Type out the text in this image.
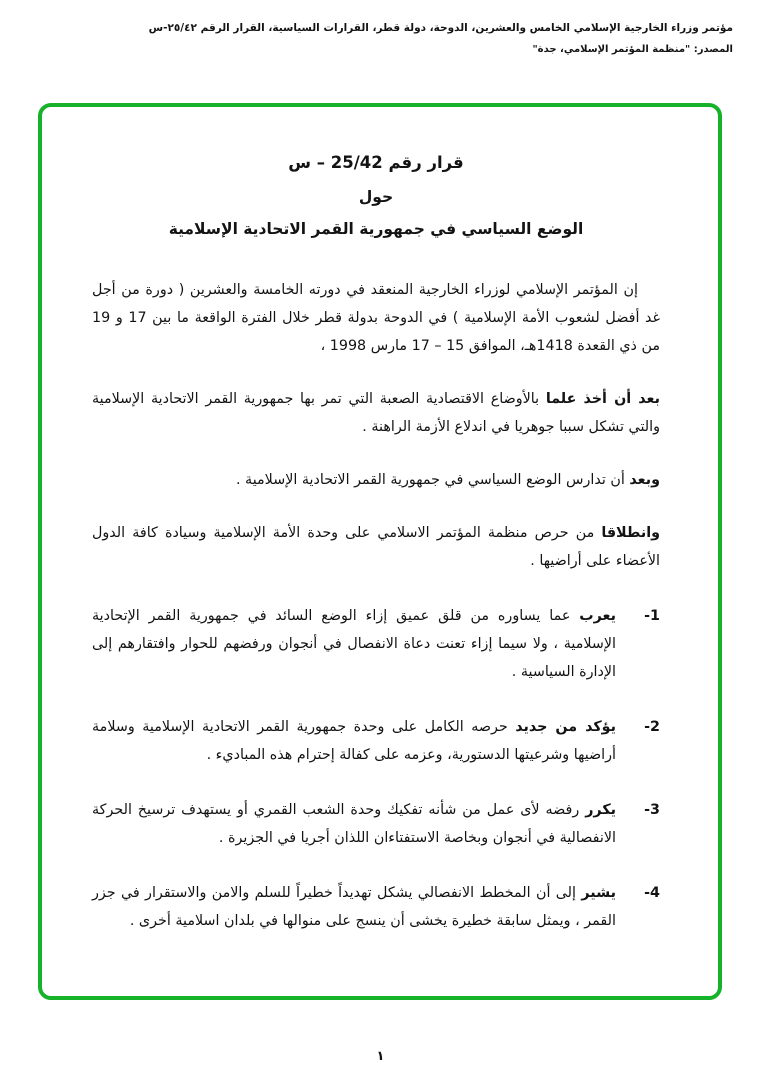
مؤتمر وزراء الخارجية الإسلامي الخامس والعشرين، الدوحة، دولة قطر، القرارات السياسية، القرار الرقم ٢٥/٤٢-س
المصدر: "منظمة المؤتمر الإسلامي، جدة"
قرار رقم 25/42 – س
حول
الوضع السياسي في جمهورية القمر الاتحادية الإسلامية

إن المؤتمر الإسلامي لوزراء الخارجية المنعقد في دورته الخامسة والعشرين ( دورة من أجل غد أفضل لشعوب الأمة الإسلامية ) في الدوحة بدولة قطر خلال الفترة الواقعة ما بين 17 و 19 من ذي القعدة 1418هـ، الموافق 15 – 17 مارس 1998 ،

بعد أن أخذ علما بالأوضاع الاقتصادية الصعبة التي تمر بها جمهورية القمر الاتحادية الإسلامية والتي تشكل سببا جوهريا في اندلاع الأزمة الراهنة .

وبعد أن تدارس الوضع السياسي في جمهورية القمر الاتحادية الإسلامية .

وانطلاقا من حرص منظمة المؤتمر الاسلامي على وحدة الأمة الإسلامية وسيادة كافة الدول الأعضاء على أراضيها .

-1
يعرب عما يساوره من قلق عميق إزاء الوضع السائد في جمهورية القمر الإتحادية الإسلامية ، ولا سيما إزاء تعنت دعاة الانفصال في أنجوان ورفضهم للحوار وافتقارهم إلى الإدارة السياسية .
-2
يؤكد من جديد حرصه الكامل على وحدة جمهورية القمر الاتحادية الإسلامية وسلامة أراضيها وشرعيتها الدستورية، وعزمه على كفالة إحترام هذه المباديء .
-3
يكرر رفضه لأى عمل من شأنه تفكيك وحدة الشعب القمري أو يستهدف ترسيخ الحركة الانفصالية في أنجوان وبخاصة الاستفتاءان اللذان أجريا في الجزيرة .
-4
يشير إلى أن المخطط الانفصالي يشكل تهديداً خطيراً للسلم والامن والاستقرار في جزر القمر ، ويمثل سابقة خطيرة يخشى أن ينسج على منوالها في بلدان اسلامية أخرى .
١
